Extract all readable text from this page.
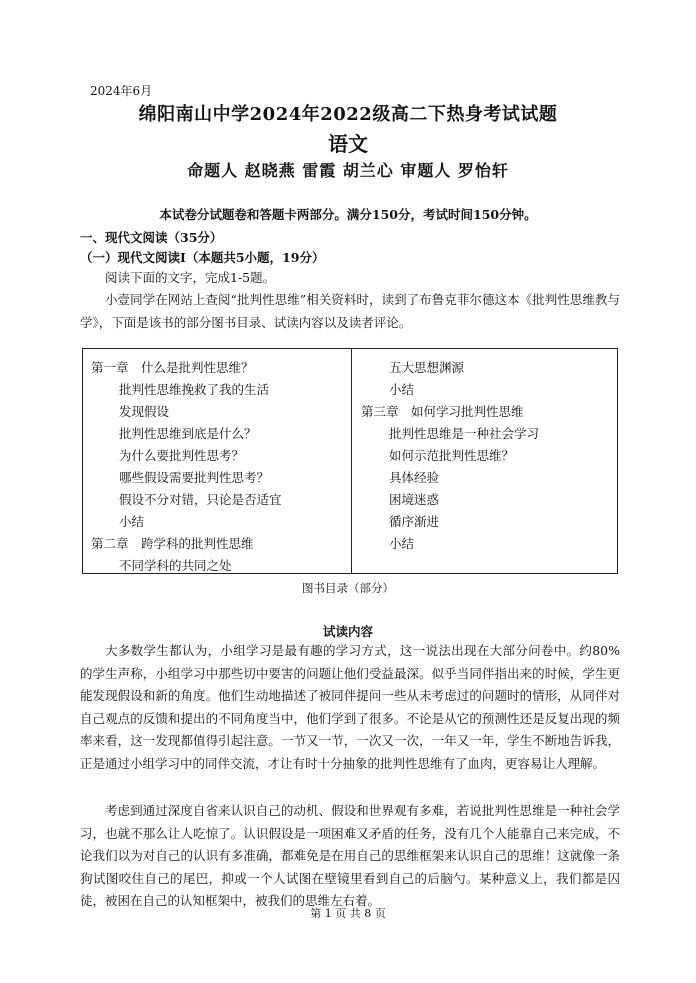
2024年6月
绵阳南山中学2024年2022级高二下热身考试试题
语文
命题人 赵晓燕 雷霞 胡兰心 审题人 罗怡轩
本试卷分试题卷和答题卡两部分。满分150分，考试时间150分钟。
一、现代文阅读（35分）
（一）现代文阅读Ⅰ（本题共5小题，19分）
阅读下面的文字，完成1-5题。
小壹同学在网站上查阅“批判性思维”相关资料时，读到了布鲁克菲尔德这本《批判性思维教与学》，下面是该书的部分图书目录、试读内容以及读者评论。
第一章　什么是批判性思维？
批判性思维挽救了我的生活
发现假设
批判性思维到底是什么？
为什么要批判性思考？
哪些假设需要批判性思考？
假设不分对错，只论是否适宜
小结
第二章　跨学科的批判性思维
不同学科的共同之处
五大思想渊源
小结
第三章　如何学习批判性思维
批判性思维是一种社会学习
如何示范批判性思维？
具体经验
困境迷惑
循序渐进
小结
图书目录（部分）
试读内容
大多数学生都认为，小组学习是最有趣的学习方式，这一说法出现在大部分问卷中。约80%的学生声称，小组学习中那些切中要害的问题让他们受益最深。似乎当同伴指出来的时候，学生更能发现假设和新的角度。他们生动地描述了被同伴提问一些从未考虑过的问题时的情形，从同伴对自己观点的反馈和提出的不同角度当中，他们学到了很多。不论是从它的预测性还是反复出现的频率来看，这一发现都值得引起注意。一节又一节，一次又一次，一年又一年，学生不断地告诉我，正是通过小组学习中的同伴交流，才让有时十分抽象的批判性思维有了血肉，更容易让人理解。
考虑到通过深度自省来认识自己的动机、假设和世界观有多难，若说批判性思维是一种社会学习，也就不那么让人吃惊了。认识假设是一项困难又矛盾的任务，没有几个人能靠自己来完成，不论我们以为对自己的认识有多准确，都难免是在用自己的思维框架来认识自己的思维！这就像一条狗试图咬住自己的尾巴，抑或一个人试图在壁镜里看到自己的后脑勺。某种意义上，我们都是囚徒，被困在自己的认知框架中，被我们的思维左右着。
第 1 页 共 8 页
